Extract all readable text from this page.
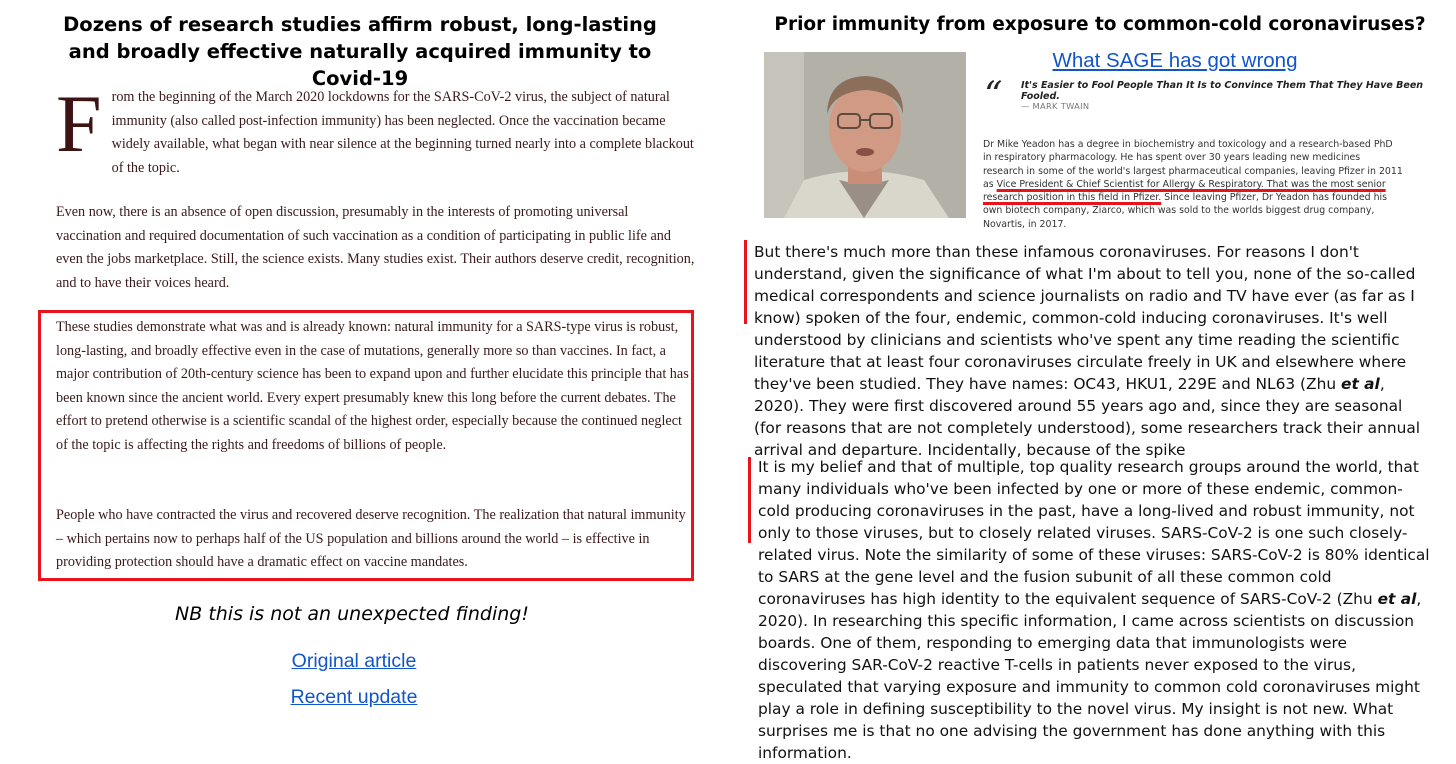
Dozens of research studies affirm robust, long-lasting and broadly effective naturally acquired immunity to Covid-19
From the beginning of the March 2020 lockdowns for the SARS-CoV-2 virus, the subject of natural immunity (also called post-infection immunity) has been neglected. Once the vaccination became widely available, what began with near silence at the beginning turned nearly into a complete blackout of the topic.
Even now, there is an absence of open discussion, presumably in the interests of promoting universal vaccination and required documentation of such vaccination as a condition of participating in public life and even the jobs marketplace. Still, the science exists. Many studies exist. Their authors deserve credit, recognition, and to have their voices heard.
These studies demonstrate what was and is already known: natural immunity for a SARS-type virus is robust, long-lasting, and broadly effective even in the case of mutations, generally more so than vaccines. In fact, a major contribution of 20th-century science has been to expand upon and further elucidate this principle that has been known since the ancient world. Every expert presumably knew this long before the current debates. The effort to pretend otherwise is a scientific scandal of the highest order, especially because the continued neglect of the topic is affecting the rights and freedoms of billions of people.
People who have contracted the virus and recovered deserve recognition. The realization that natural immunity – which pertains now to perhaps half of the US population and billions around the world – is effective in providing protection should have a dramatic effect on vaccine mandates.
NB this is not an unexpected finding!
Original article
Recent update
Prior immunity from exposure to common-cold coronaviruses?
What SAGE has got wrong
“ It's Easier to Fool People Than It Is to Convince Them That They Have Been Fooled.
— MARK TWAIN
Dr Mike Yeadon has a degree in biochemistry and toxicology and a research-based PhD in respiratory pharmacology. He has spent over 30 years leading new medicines research in some of the world's largest pharmaceutical companies, leaving Pfizer in 2011 as Vice President & Chief Scientist for Allergy & Respiratory. That was the most senior research position in this field in Pfizer. Since leaving Pfizer, Dr Yeadon has founded his own biotech company, Ziarco, which was sold to the worlds biggest drug company, Novartis, in 2017.
But there's much more than these infamous coronaviruses. For reasons I don't understand, given the significance of what I'm about to tell you, none of the so-called medical correspondents and science journalists on radio and TV have ever (as far as I know) spoken of the four, endemic, common-cold inducing coronaviruses. It's well understood by clinicians and scientists who've spent any time reading the scientific literature that at least four coronaviruses circulate freely in UK and elsewhere where they've been studied. They have names: OC43, HKU1, 229E and NL63 (Zhu et al, 2020). They were first discovered around 55 years ago and, since they are seasonal (for reasons that are not completely understood), some researchers track their annual arrival and departure. Incidentally, because of the spike
It is my belief and that of multiple, top quality research groups around the world, that many individuals who've been infected by one or more of these endemic, common-cold producing coronaviruses in the past, have a long-lived and robust immunity, not only to those viruses, but to closely related viruses. SARS-CoV-2 is one such closely-related virus. Note the similarity of some of these viruses: SARS-CoV-2 is 80% identical to SARS at the gene level and the fusion subunit of all these common cold coronaviruses has high identity to the equivalent sequence of SARS-CoV-2 (Zhu et al, 2020). In researching this specific information, I came across scientists on discussion boards. One of them, responding to emerging data that immunologists were discovering SAR-CoV-2 reactive T-cells in patients never exposed to the virus, speculated that varying exposure and immunity to common cold coronaviruses might play a role in defining susceptibility to the novel virus. My insight is not new. What surprises me is that no one advising the government has done anything with this information.
